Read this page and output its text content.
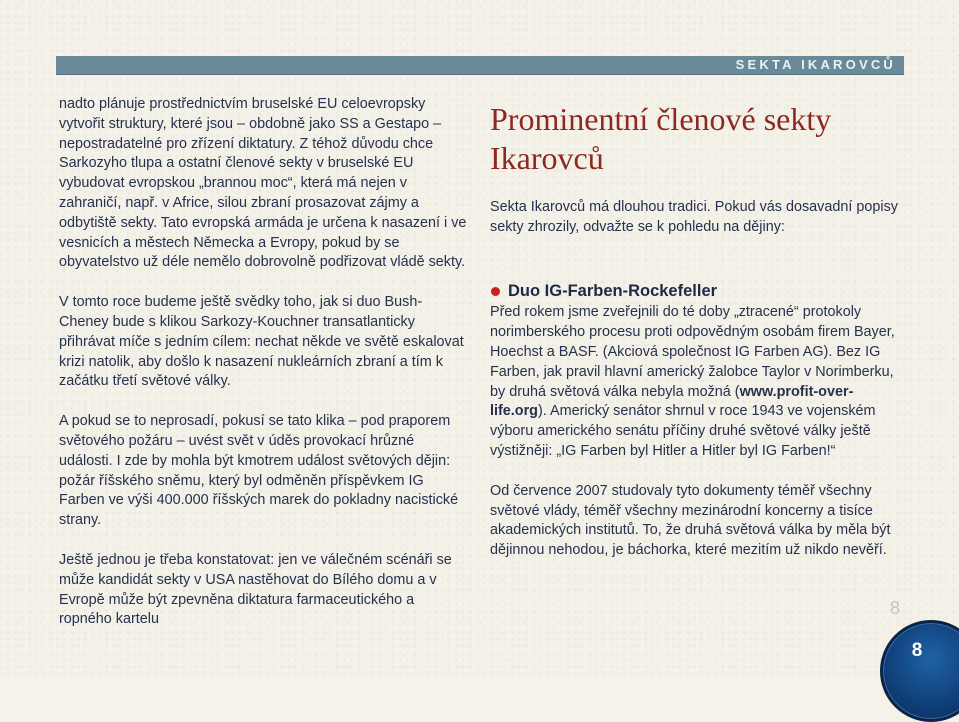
SEKTA IKAROVCŮ

nadto plánuje prostřednictvím bruselské EU celoevropsky vytvořit struktury, které jsou – obdobně jako SS a Gestapo – nepostradatelné pro zřízení diktatury. Z téhož důvodu chce Sarkozyho tlupa a ostatní členové sekty v bruselské EU vybudovat evropskou „brannou moc“, která má nejen v zahraničí, např. v Africe, silou zbraní prosazovat zájmy a odbytiště sekty. Tato evropská armáda je určena k nasazení i ve vesnicích a městech Německa a Evropy, pokud by se obyvatelstvo už déle nemělo dobrovolně podřizovat vládě sekty.

V tomto roce budeme ještě svědky toho, jak si duo Bush-Cheney bude s klikou Sarkozy-Kouchner transatlanticky přihrávat míče s jedním cílem: nechat někde ve světě eskalovat krizi natolik, aby došlo k nasazení nukleárních zbraní a tím k začátku třetí světové války.

A pokud se to neprosadí, pokusí se tato klika – pod praporem světového požáru – uvést svět v úděs provokací hrůzné události. I zde by mohla být kmotrem událost světových dějin: požár říšského sněmu, který byl odměněn příspěvkem IG Farben ve výši 400.000 říšských marek do pokladny nacistické strany.

Ještě jednou je třeba konstatovat: jen ve válečném scénáři se může kandidát sekty v USA nastěhovat do Bílého domu a v Evropě může být zpevněna diktatura farmaceutického a ropného kartelu

Prominentní členové sekty Ikarovců

Sekta Ikarovců má dlouhou tradici. Pokud vás dosavadní popisy sekty zhrozily, odvažte se k pohledu na dějiny:

Duo IG-Farben-Rockefeller

Před rokem jsme zveřejnili do té doby „ztracené“ protokoly norimberského procesu proti odpovědným osobám firem Bayer, Hoechst a BASF. (Akciová společnost IG Farben AG). Bez IG Farben, jak pravil hlavní americký žalobce Taylor v Norimberku, by druhá světová válka nebyla možná (www.profit-over-life.org). Americký senátor shrnul v roce 1943 ve vojenském výboru amerického senátu příčiny druhé světové války ještě výstižněji: „IG Farben byl Hitler a Hitler byl IG Farben!“

Od července 2007 studovaly tyto dokumenty téměř všechny světové vlády, téměř všechny mezinárodní koncerny a tisíce akademických institutů. To, že druhá světová válka by měla být dějinnou nehodou, je báchorka, které mezitím už nikdo nevěří.

8
8
